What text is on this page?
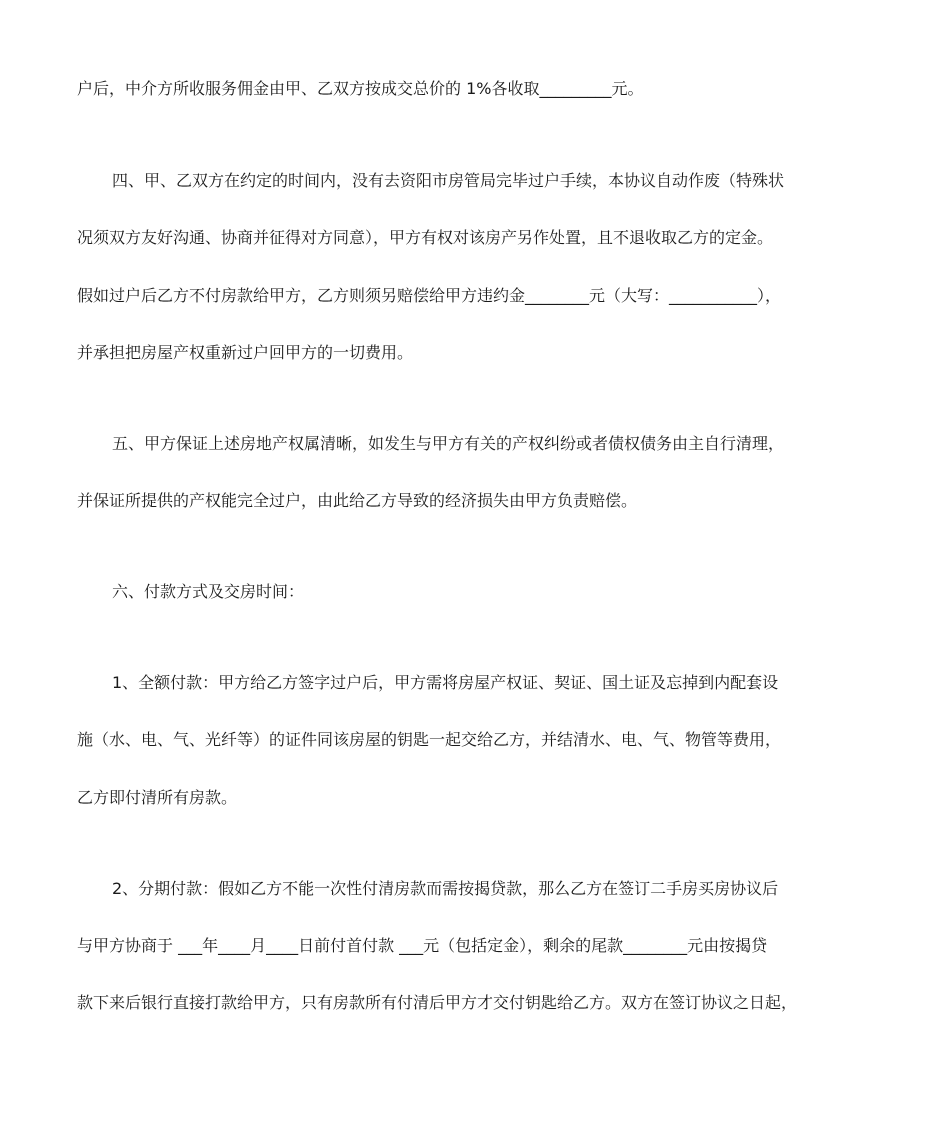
户后，中介方所收服务佣金由甲、乙双方按成交总价的 1%各收取_________元。
四、甲、乙双方在约定的时间内，没有去资阳市房管局完毕过户手续，本协议自动作废（特殊状
况须双方友好沟通、协商并征得对方同意），甲方有权对该房产另作处置，且不退收取乙方的定金。
假如过户后乙方不付房款给甲方，乙方则须另赔偿给甲方违约金________元（大写：___________），
并承担把房屋产权重新过户回甲方的一切费用。
五、甲方保证上述房地产权属清晰，如发生与甲方有关的产权纠纷或者债权债务由主自行清理，
并保证所提供的产权能完全过户，由此给乙方导致的经济损失由甲方负责赔偿。
六、付款方式及交房时间：
1、全额付款：甲方给乙方签字过户后，甲方需将房屋产权证、契证、国土证及忘掉到内配套设
施（水、电、气、光纤等）的证件同该房屋的钥匙一起交给乙方，并结清水、电、气、物管等费用，
乙方即付清所有房款。
2、分期付款：假如乙方不能一次性付清房款而需按揭贷款，那么乙方在签订二手房买房协议后
与甲方协商于 ___年____月____日前付首付款 ___元（包括定金），剩余的尾款________元由按揭贷
款下来后银行直接打款给甲方，只有房款所有付清后甲方才交付钥匙给乙方。双方在签订协议之日起，
